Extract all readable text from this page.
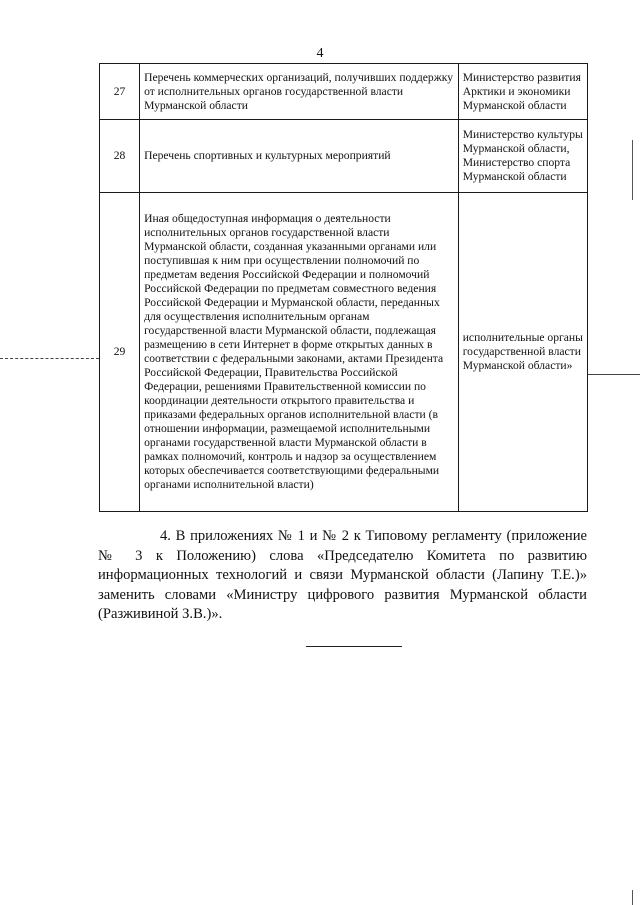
4
27	Перечень коммерческих организаций, получивших поддержку от исполнительных органов государственной власти Мурманской области	Министерство развития Арктики и экономики Мурманской области
28	Перечень спортивных и культурных мероприятий	Министерство культуры Мурманской области, Министерство спорта Мурманской области
29	Иная общедоступная информация о деятельности исполнительных органов государственной власти Мурманской области, созданная указанными органами или поступившая к ним при осуществлении полномочий по предметам ведения Российской Федерации и полномочий Российской Федерации по предметам совместного ведения Российской Федерации и Мурманской области, переданных для осуществления исполнительным органам государственной власти Мурманской области, подлежащая размещению в сети Интернет в форме открытых данных в соответствии с федеральными законами, актами Президента Российской Федерации, Правительства Российской Федерации, решениями Правительственной комиссии по координации деятельности открытого правительства и приказами федеральных органов исполнительной власти (в отношении информации, размещаемой исполнительными органами государственной власти Мурманской области в рамках полномочий, контроль и надзор за осуществлением которых обеспечивается соответствующими федеральными органами исполнительной власти)	исполнительные органы государственной власти Мурманской области»
4. В приложениях № 1 и № 2 к Типовому регламенту (приложение № 3 к Положению) слова «Председателю Комитета по развитию информационных технологий и связи Мурманской области (Лапину Т.Е.)» заменить словами «Министру цифрового развития Мурманской области (Разживиной З.В.)».
